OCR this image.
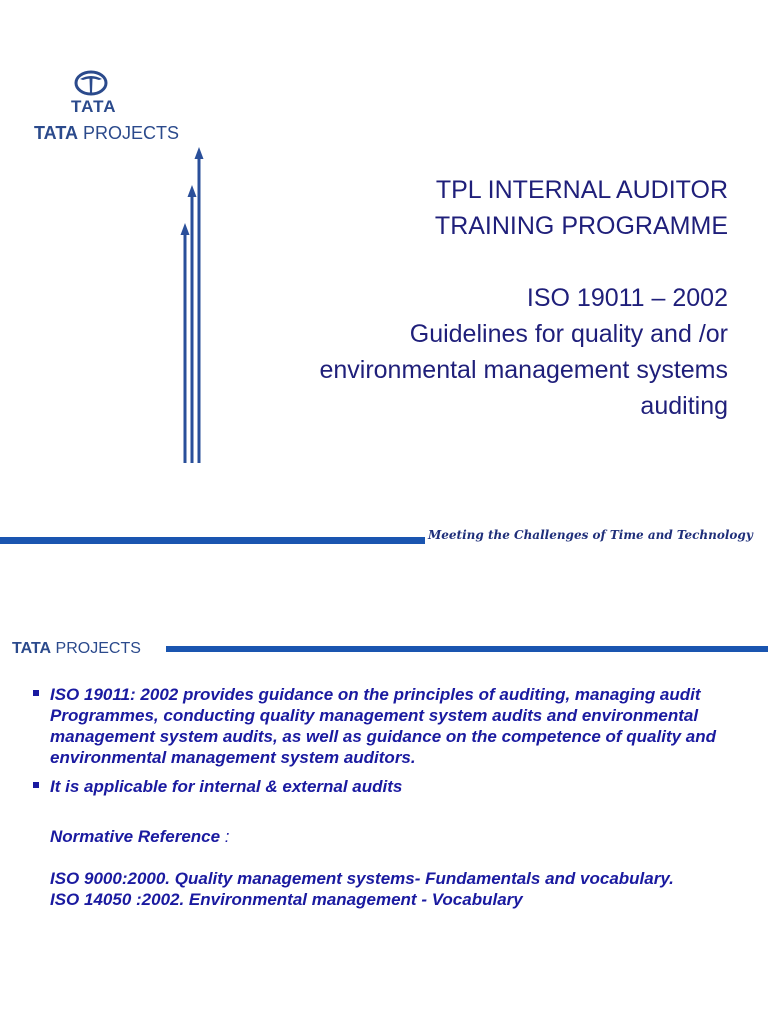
TATA
TATA PROJECTS
TPL INTERNAL AUDITOR
TRAINING PROGRAMME
ISO 19011 – 2002
Guidelines for quality and /or
environmental management systems
auditing
Meeting the Challenges of Time and Technology
TATA PROJECTS
ISO 19011: 2002 provides guidance on the principles of auditing, managing audit Programmes, conducting quality management system audits and environmental management system audits, as well as guidance on the competence of quality and environmental management system auditors.
It is applicable for internal & external audits
Normative Reference :
ISO 9000:2000. Quality management systems- Fundamentals and vocabulary.
ISO 14050 :2002. Environmental management - Vocabulary
